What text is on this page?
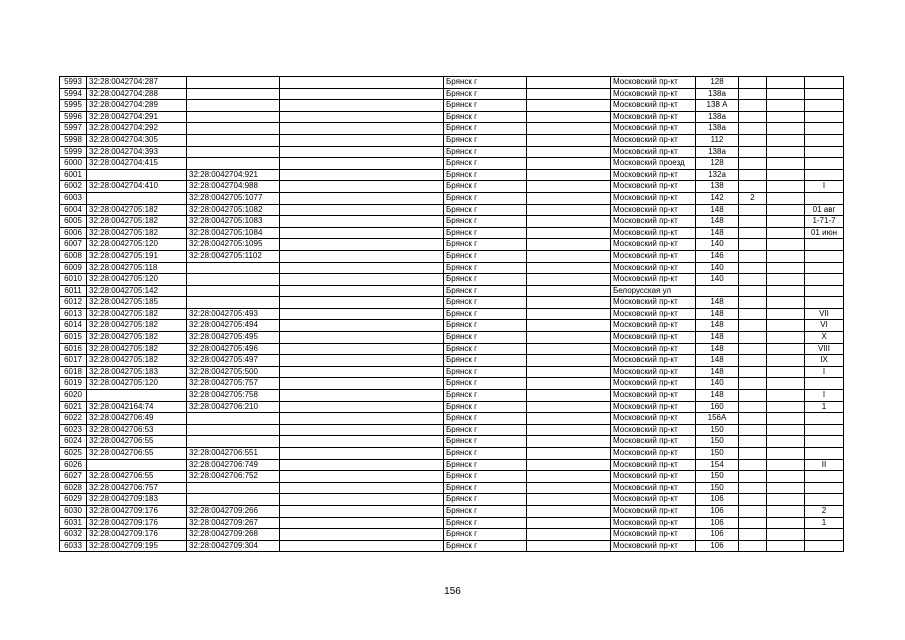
5993	32:28:0042704:287			Брянск г		Московский пр-кт	128			
5994	32:28:0042704:288			Брянск г		Московский пр-кт	138а			
5995	32:28:0042704:289			Брянск г		Московский пр-кт	138 А			
5996	32:28:0042704:291			Брянск г		Московский пр-кт	138а			
5997	32:28:0042704:292			Брянск г		Московский пр-кт	138а			
5998	32:28:0042704:305			Брянск г		Московский пр-кт	112			
5999	32:28:0042704:393			Брянск г		Московский пр-кт	138а			
6000	32:28:0042704:415			Брянск г		Московский проезд	128			
6001		32:28:0042704:921		Брянск г		Московский пр-кт	132а			
6002	32:28:0042704:410	32:28:0042704:988		Брянск г		Московский пр-кт	138			I
6003		32:28:0042705:1077		Брянск г		Московский пр-кт	142	2		
6004	32:28:0042705:182	32:28:0042705:1082		Брянск г		Московский пр-кт	148			01 авг
6005	32:28:0042705:182	32:28:0042705:1083		Брянск г		Московский пр-кт	148			1-71-7
6006	32:28:0042705:182	32:28:0042705:1084		Брянск г		Московский пр-кт	148			01 июн
6007	32:28:0042705:120	32:28:0042705:1095		Брянск г		Московский пр-кт	140			
6008	32:28:0042705:191	32:28:0042705:1102		Брянск г		Московский пр-кт	146			
6009	32:28:0042705:118			Брянск г		Московский пр-кт	140			
6010	32:28:0042705:120			Брянск г		Московский пр-кт	140			
6011	32:28:0042705:142			Брянск г		Белорусская ул				
6012	32:28:0042705:185			Брянск г		Московский пр-кт	148			
6013	32:28:0042705:182	32:28:0042705:493		Брянск г		Московский пр-кт	148			VII
6014	32:28:0042705:182	32:28:0042705:494		Брянск г		Московский пр-кт	148			VI
6015	32:28:0042705:182	32:28:0042705:495		Брянск г		Московский пр-кт	148			X
6016	32:28:0042705:182	32:28:0042705:496		Брянск г		Московский пр-кт	148			VIII
6017	32:28:0042705:182	32:28:0042705:497		Брянск г		Московский пр-кт	148			IX
6018	32:28:0042705:183	32:28:0042705:500		Брянск г		Московский пр-кт	148			I
6019	32:28:0042705:120	32:28:0042705:757		Брянск г		Московский пр-кт	140			
6020		32:28:0042705:758		Брянск г		Московский пр-кт	148			I
6021	32:28:0042164:74	32:28:0042706:210		Брянск г		Московский пр-кт	160			1
6022	32:28:0042706:49			Брянск г		Московский пр-кт	156А			
6023	32:28:0042706:53			Брянск г		Московский пр-кт	150			
6024	32:28:0042706:55			Брянск г		Московский пр-кт	150			
6025	32:28:0042706:55	32:28:0042706:551		Брянск г		Московский пр-кт	150			
6026		32:28:0042706:749		Брянск г		Московский пр-кт	154			II
6027	32:28:0042706:55	32:28:0042706:752		Брянск г		Московский пр-кт	150			
6028	32:28:0042706:757			Брянск г		Московский пр-кт	150			
6029	32:28:0042709:183			Брянск г		Московский пр-кт	106			
6030	32:28:0042709:176	32:28:0042709:266		Брянск г		Московский пр-кт	106			2
6031	32:28:0042709:176	32:28:0042709:267		Брянск г		Московский пр-кт	106			1
6032	32:28:0042709:176	32:28:0042709:268		Брянск г		Московский пр-кт	106			
6033	32:28:0042709:195	32:28:0042709:304		Брянск г		Московский пр-кт	106			
156
